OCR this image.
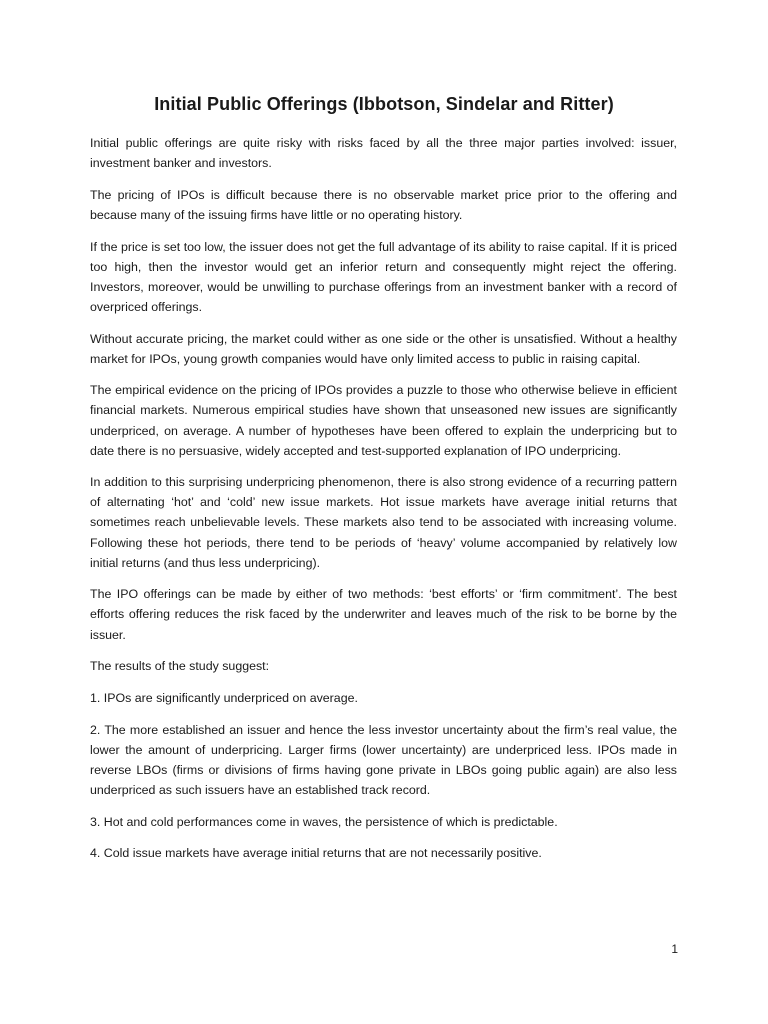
Initial Public Offerings (Ibbotson, Sindelar and Ritter)

Initial public offerings are quite risky with risks faced by all the three major parties involved: issuer, investment banker and investors.

The pricing of IPOs is difficult because there is no observable market price prior to the offering and because many of the issuing firms have little or no operating history.

If the price is set too low, the issuer does not get the full advantage of its ability to raise capital. If it is priced too high, then the investor would get an inferior return and consequently might reject the offering. Investors, moreover, would be unwilling to purchase offerings from an investment banker with a record of overpriced offerings.

Without accurate pricing, the market could wither as one side or the other is unsatisfied. Without a healthy market for IPOs, young growth companies would have only limited access to public in raising capital.

The empirical evidence on the pricing of IPOs provides a puzzle to those who otherwise believe in efficient financial markets. Numerous empirical studies have shown that unseasoned new issues are significantly underpriced, on average. A number of hypotheses have been offered to explain the underpricing but to date there is no persuasive, widely accepted and test-supported explanation of IPO underpricing.

In addition to this surprising underpricing phenomenon, there is also strong evidence of a recurring pattern of alternating ‘hot’ and ‘cold’ new issue markets. Hot issue markets have average initial returns that sometimes reach unbelievable levels. These markets also tend to be associated with increasing volume. Following these hot periods, there tend to be periods of ‘heavy’ volume accompanied by relatively low initial returns (and thus less underpricing).

The IPO offerings can be made by either of two methods: ‘best efforts’ or ‘firm commitment’. The best efforts offering reduces the risk faced by the underwriter and leaves much of the risk to be borne by the issuer.

The results of the study suggest:

1. IPOs are significantly underpriced on average.

2. The more established an issuer and hence the less investor uncertainty about the firm’s real value, the lower the amount of underpricing. Larger firms (lower uncertainty) are underpriced less. IPOs made in reverse LBOs (firms or divisions of firms having gone private in LBOs going public again) are also less underpriced as such issuers have an established track record.

3. Hot and cold performances come in waves, the persistence of which is predictable.

4. Cold issue markets have average initial returns that are not necessarily positive.

1
